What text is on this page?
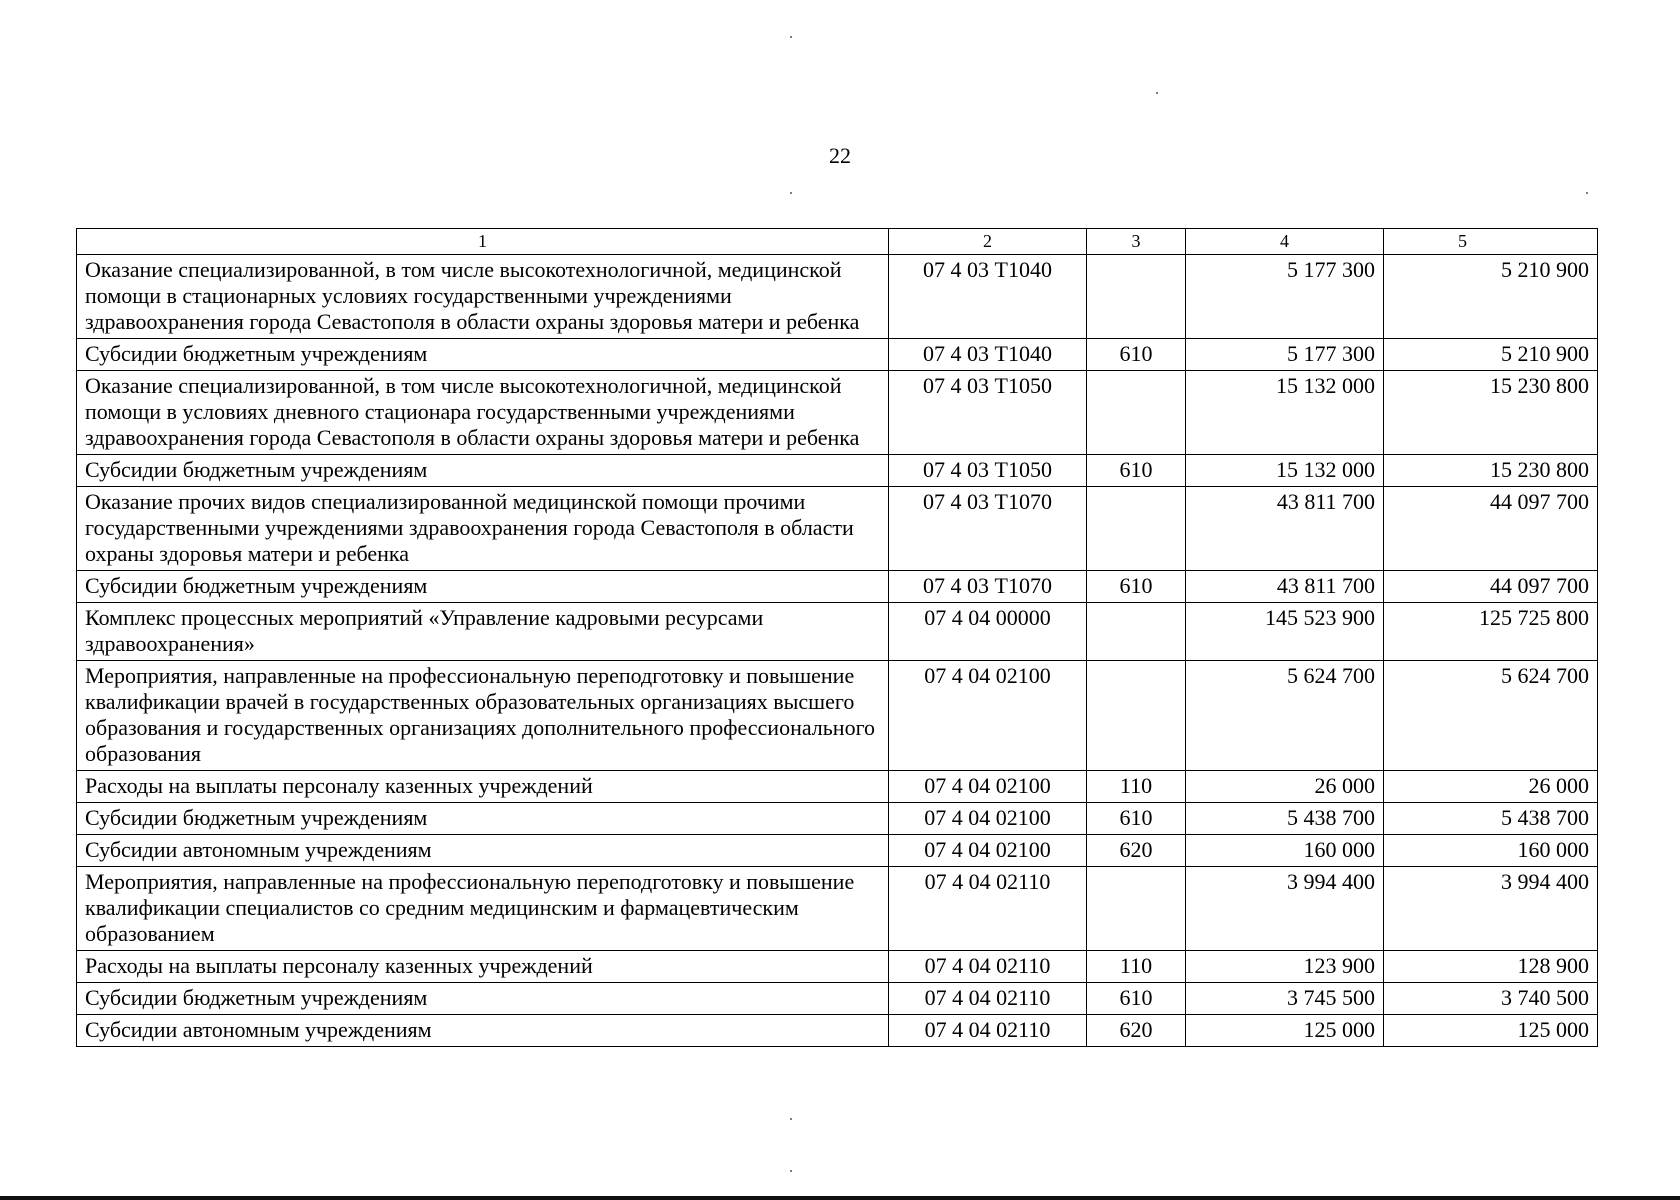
22
1	2	3	4	5
Оказание специализированной, в том числе высокотехнологичной, медицинской помощи в стационарных условиях государственными учреждениями здравоохранения города Севастополя в области охраны здоровья матери и ребенка	07 4 03 Т1040		5 177 300	5 210 900
Субсидии бюджетным учреждениям	07 4 03 Т1040	610	5 177 300	5 210 900
Оказание специализированной, в том числе высокотехнологичной, медицинской помощи в условиях дневного стационара государственными учреждениями здравоохранения города Севастополя в области охраны здоровья матери и ребенка	07 4 03 Т1050		15 132 000	15 230 800
Субсидии бюджетным учреждениям	07 4 03 Т1050	610	15 132 000	15 230 800
Оказание прочих видов специализированной медицинской помощи прочими государственными учреждениями здравоохранения города Севастополя в области охраны здоровья матери и ребенка	07 4 03 Т1070		43 811 700	44 097 700
Субсидии бюджетным учреждениям	07 4 03 Т1070	610	43 811 700	44 097 700
Комплекс процессных мероприятий «Управление кадровыми ресурсами здравоохранения»	07 4 04 00000		145 523 900	125 725 800
Мероприятия, направленные на профессиональную переподготовку и повышение квалификации врачей в государственных образовательных организациях высшего образования и государственных организациях дополнительного профессионального образования	07 4 04 02100		5 624 700	5 624 700
Расходы на выплаты персоналу казенных учреждений	07 4 04 02100	110	26 000	26 000
Субсидии бюджетным учреждениям	07 4 04 02100	610	5 438 700	5 438 700
Субсидии автономным учреждениям	07 4 04 02100	620	160 000	160 000
Мероприятия, направленные на профессиональную переподготовку и повышение квалификации специалистов со средним медицинским и фармацевтическим образованием	07 4 04 02110		3 994 400	3 994 400
Расходы на выплаты персоналу казенных учреждений	07 4 04 02110	110	123 900	128 900
Субсидии бюджетным учреждениям	07 4 04 02110	610	3 745 500	3 740 500
Субсидии автономным учреждениям	07 4 04 02110	620	125 000	125 000
